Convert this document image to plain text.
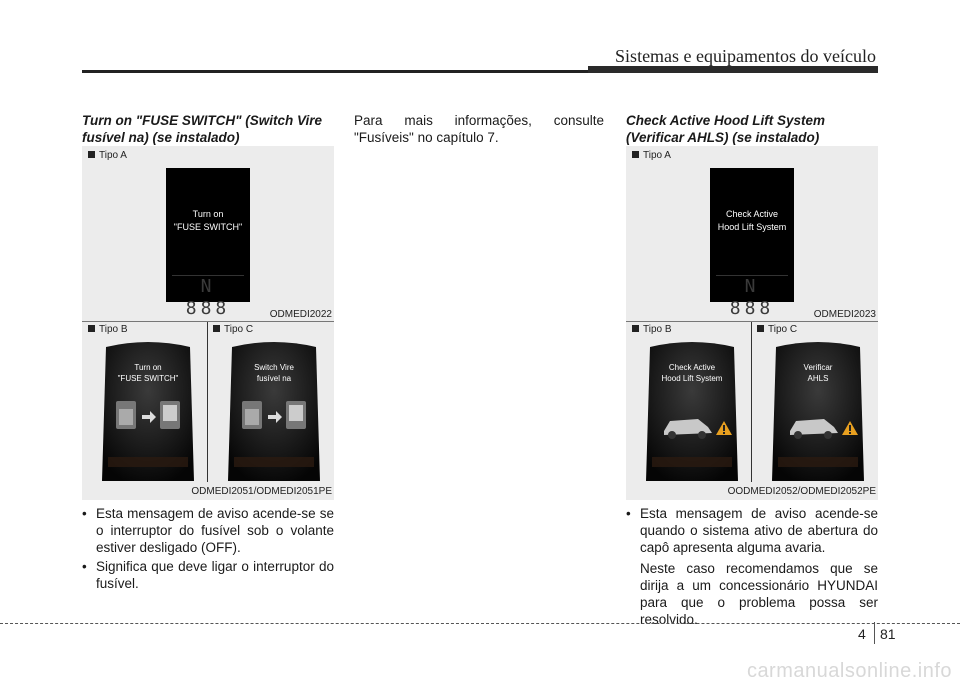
Sistemas e equipamentos do veículo
Turn on "FUSE SWITCH" (Switch Vire
fusível na) (se instalado)
Tipo A
Turn on
"FUSE SWITCH"
N 888	ODMEDI2022
Tipo B	Tipo C
Turn on
"FUSE SWITCH"
Switch Vire
fusível na
ODMEDI2051/ODMEDI2051PE
• Esta mensagem de aviso acende-se se o interruptor do fusível sob o volante estiver desligado (OFF).
• Significa que deve ligar o interruptor do fusível.
Para mais informações, consulte "Fusíveis" no capítulo 7.
Check Active Hood Lift System
(Verificar AHLS) (se instalado)
Tipo A
Check Active
Hood Lift System
N 888	ODMEDI2023
Tipo B	Tipo C
Check Active
Hood Lift System
Verificar
AHLS
OODMEDI2052/ODMEDI2052PE
• Esta mensagem de aviso acende-se quando o sistema ativo de abertura do capô apresenta alguma avaria.
Neste caso recomendamos que se dirija a um concessionário HYUNDAI para que o problema possa ser resolvido.
4 81
carmanualsonline.info
